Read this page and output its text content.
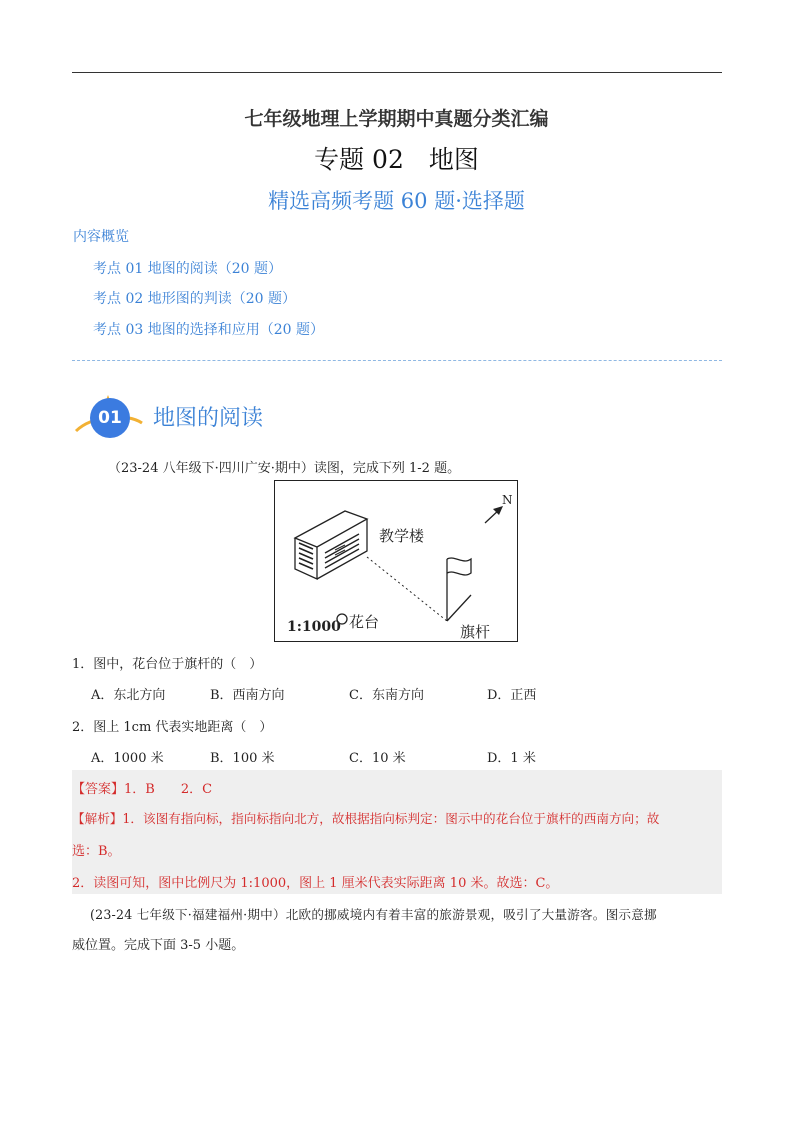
七年级地理上学期期中真题分类汇编
专题 02　地图
精选高频考题 60 题·选择题
内容概览
考点 01 地图的阅读（20 题）
考点 02 地形图的判读（20 题）
考点 03 地图的选择和应用（20 题）
01	地图的阅读
（23-24 八年级下·四川广安·期中）读图，完成下列 1-2 题。
教学楼
N
1:1000 花台
旗杆
1．图中，花台位于旗杆的（　）
A．东北方向	B．西南方向	C．东南方向	D．正西
2．图上 1cm 代表实地距离（　）
A．1000 米	B．100 米	C．10 米	D．1 米
【答案】1．B　　2．C
【解析】1．该图有指向标，指向标指向北方，故根据指向标判定：图示中的花台位于旗杆的西南方向；故
选：B。
2．读图可知，图中比例尺为 1:1000，图上 1 厘米代表实际距离 10 米。故选：C。
(23-24 七年级下·福建福州·期中）北欧的挪威境内有着丰富的旅游景观，吸引了大量游客。图示意挪
威位置。完成下面 3-5 小题。
